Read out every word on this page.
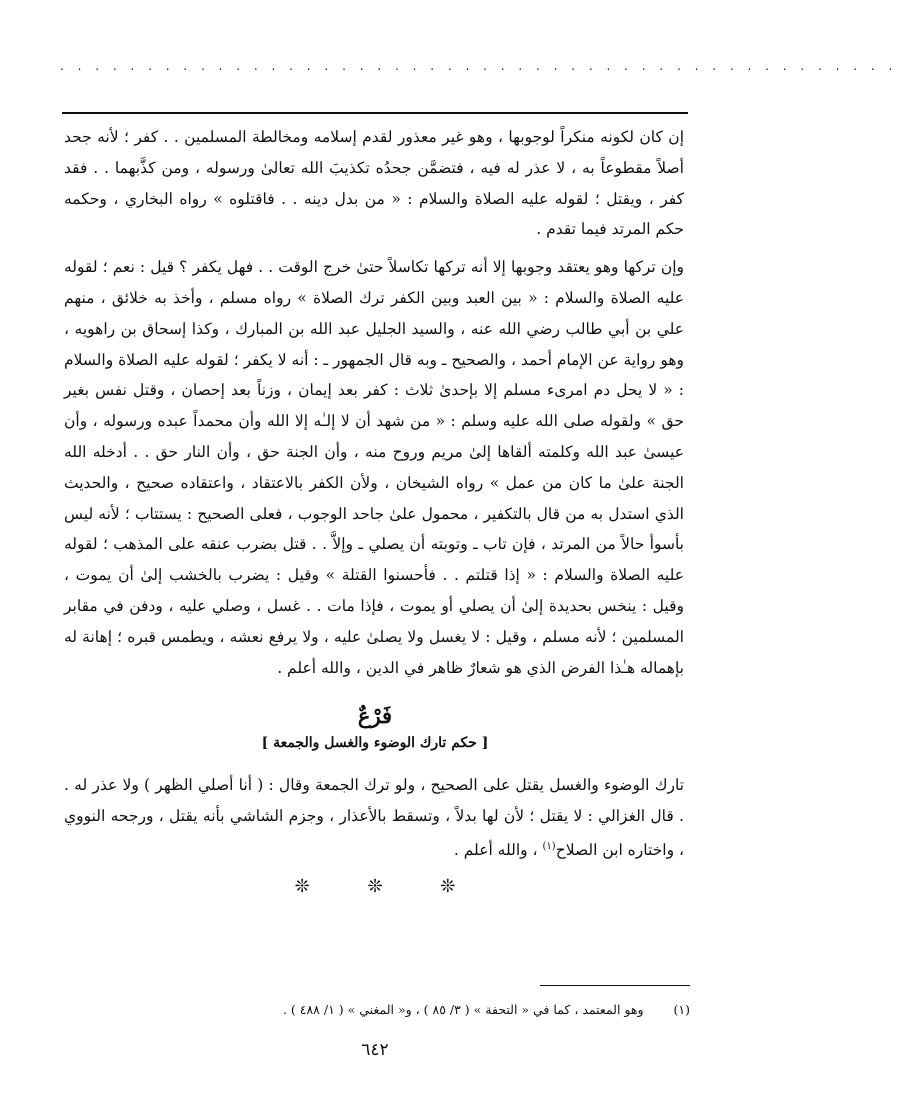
. . . . . . . . . . . . . . . . . . . . . . . . . . . . . . . . . . . . . . . . . . . . . . . .

إن كان لكونه منكراً لوجوبها ، وهو غير معذور لقدم إسلامه ومخالطة المسلمين . . كفر ؛ لأنه جحد أصلاً مقطوعاً به ، لا عذر له فيه ، فتضمَّن جحدُه تكذيبَ الله تعالىٰ ورسوله ، ومن كذَّبهما . . فقد كفر ، ويقتل ؛ لقوله عليه الصلاة والسلام : « من بدل دينه . . فاقتلوه » رواه البخاري ، وحكمه حكم المرتد فيما تقدم .

وإن تركها وهو يعتقد وجوبها إلا أنه تركها تكاسلاً حتىٰ خرج الوقت . . فهل يكفر ؟ قيل : نعم ؛ لقوله عليه الصلاة والسلام : « بين العبد وبين الكفر ترك الصلاة » رواه مسلم ، وأخذ به خلائق ، منهم علي بن أبي طالب رضي الله عنه ، والسيد الجليل عبد الله بن المبارك ، وكذا إسحاق بن راهويه ، وهو رواية عن الإمام أحمد ، والصحيح ـ وبه قال الجمهور ـ : أنه لا يكفر ؛ لقوله عليه الصلاة والسلام : « لا يحل دم امرىء مسلم إلا بإحدىٰ ثلاث : كفر بعد إيمان ، وزناً بعد إحصان ، وقتل نفس بغير حق » ولقوله صلى الله عليه وسلم : « من شهد أن لا إلـٰه إلا الله وأن محمداً عبده ورسوله ، وأن عيسىٰ عبد الله وكلمته ألقاها إلىٰ مريم وروح منه ، وأن الجنة حق ، وأن النار حق . . أدخله الله الجنة علىٰ ما كان من عمل » رواه الشيخان ، ولأن الكفر بالاعتقاد ، واعتقاده صحيح ، والحديث الذي استدل به من قال بالتكفير ، محمول علىٰ جاحد الوجوب ، فعلى الصحيح : يستتاب ؛ لأنه ليس بأسوأ حالاً من المرتد ، فإن تاب ـ وتوبته أن يصلي ـ وإلاَّ . . قتل بضرب عنقه على المذهب ؛ لقوله عليه الصلاة والسلام : « إذا قتلتم . . فأحسنوا القتلة » وقيل : يضرب بالخشب إلىٰ أن يموت ، وقيل : ينخس بحديدة إلىٰ أن يصلي أو يموت ، فإذا مات . . غسل ، وصلي عليه ، ودفن في مقابر المسلمين ؛ لأنه مسلم ، وقيل : لا يغسل ولا يصلىٰ عليه ، ولا يرفع نعشه ، ويطمس قبره ؛ إهانة له بإهماله هـٰذا الفرض الذي هو شعارٌ ظاهر في الدين ، والله أعلم .

فَرْعٌ
[ حكم تارك الوضوء والغسل والجمعة ]

تارك الوضوء والغسل يقتل على الصحيح ، ولو ترك الجمعة وقال : ( أنا أصلي الظهر ) ولا عذر له . . قال الغزالي : لا يقتل ؛ لأن لها بدلاً ، وتسقط بالأعذار ، وجزم الشاشي بأنه يقتل ، ورجحه النووي ، واختاره ابن الصلاح$^{(١)}$ ، والله أعلم .

❊ ❊ ❊
(١) وهو المعتمد ، كما في « التحفة » ( ٣/ ٨٥ ) ، و« المغني » ( ١/ ٤٨٨ ) .
٦٤٢
